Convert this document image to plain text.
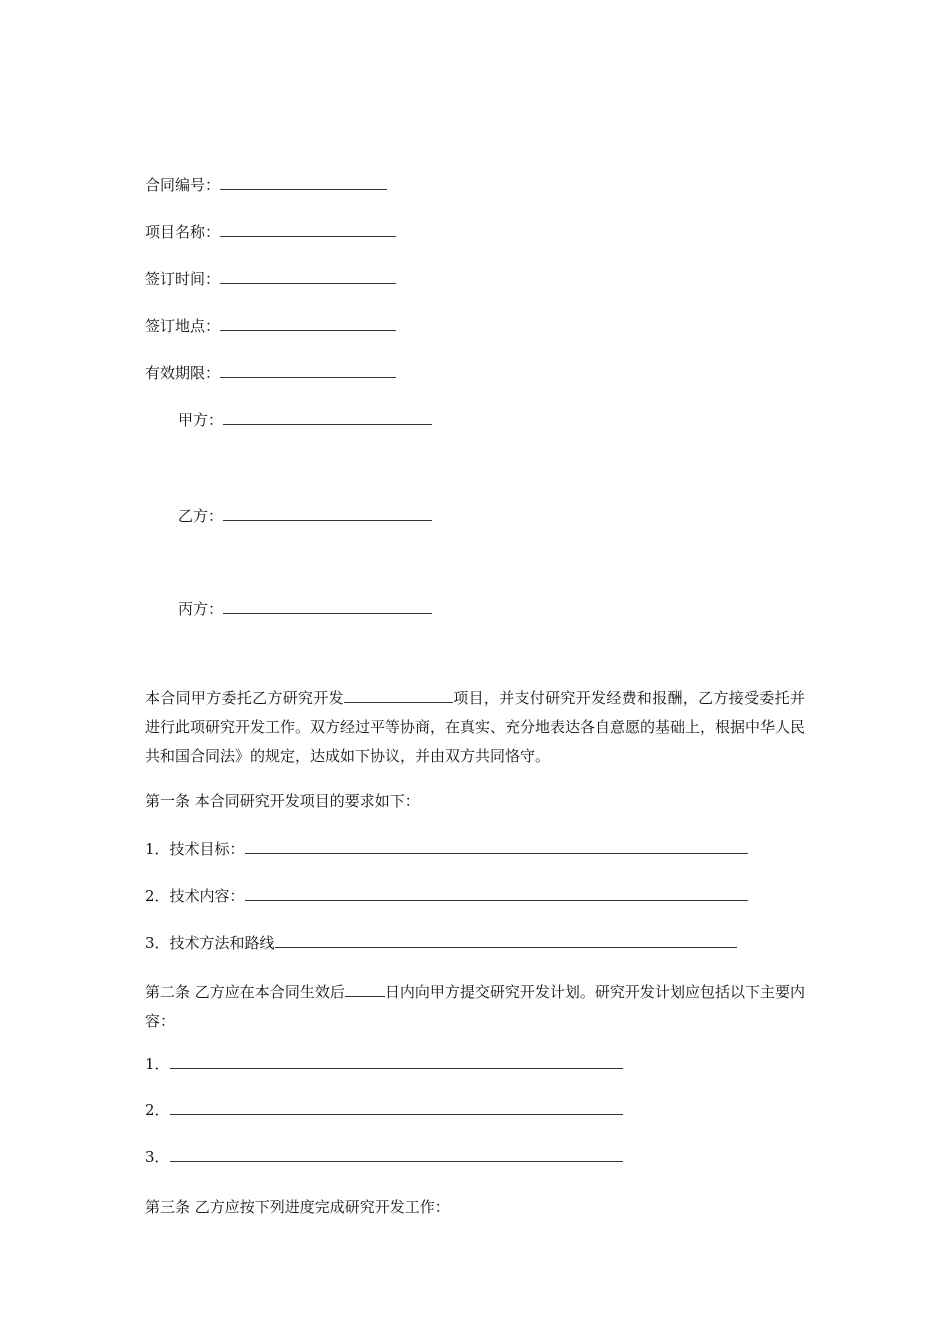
合同编号：
项目名称：
签订时间：
签订地点：
有效期限：
甲方：
乙方：
丙方：
本合同甲方委托乙方研究开发	项目，并支付研究开发经费和报酬，乙方接受委托并进行此项研究开发工作。双方经过平等协商，在真实、充分地表达各自意愿的基础上，根据中华人民共和国合同法》的规定，达成如下协议，并由双方共同恪守。
第一条 本合同研究开发项目的要求如下：
1．技术目标：
2．技术内容：
3．技术方法和路线
第二条 乙方应在本合同生效后	日内向甲方提交研究开发计划。研究开发计划应包括以下主要内容：
1．
2．
3．
第三条 乙方应按下列进度完成研究开发工作：
